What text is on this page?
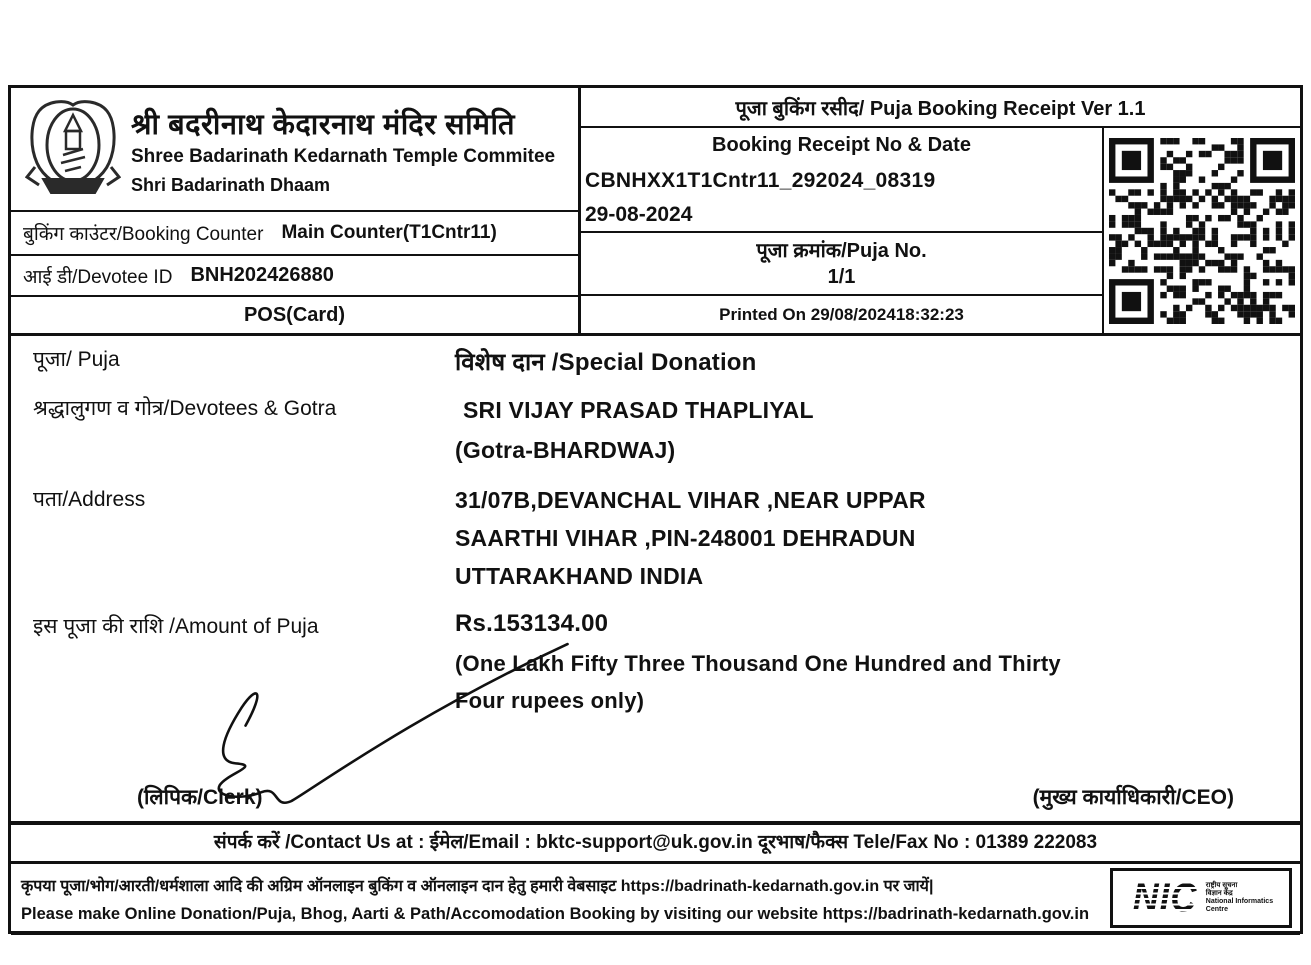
श्री बदरीनाथ केदारनाथ मंदिर समिति
Shree Badarinath Kedarnath Temple Commitee
Shri Badarinath Dhaam
बुकिंग काउंटर/Booking Counter Main Counter(T1Cntr11)
आई डी/Devotee ID BNH202426880
POS(Card)
पूजा बुकिंग रसीद/ Puja Booking Receipt Ver 1.1
Booking Receipt No & Date
CBNHXX1T1Cntr11_292024_08319
29-08-2024
पूजा क्रमांक/Puja No.
1/1
Printed On 29/08/202418:32:23
पूजा/ Puja	विशेष दान /Special Donation
श्रद्धालुगण व गोत्र/Devotees & Gotra	SRI VIJAY PRASAD THAPLIYAL
(Gotra-BHARDWAJ)
पता/Address	31/07B,DEVANCHAL VIHAR ,NEAR UPPAR
SAARTHI VIHAR ,PIN-248001 DEHRADUN
UTTARAKHAND INDIA
इस पूजा की राशि /Amount of Puja	Rs.153134.00
(One Lakh Fifty Three Thousand One Hundred and Thirty
Four rupees only)
(लिपिक/Clerk)	(मुख्य कार्याधिकारी/CEO)
संपर्क करें /Contact Us at : ईमेल/Email : bktc-support@uk.gov.in दूरभाष/फैक्स Tele/Fax No : 01389 222083
कृपया पूजा/भोग/आरती/धर्मशाला आदि की अग्रिम ऑनलाइन बुकिंग व ऑनलाइन दान हेतु हमारी वेबसाइट https://badrinath-kedarnath.gov.in पर जायें|
Please make Online Donation/Puja, Bhog, Aarti & Path/Accomodation Booking by visiting our website https://badrinath-kedarnath.gov.in	NIC राष्ट्रीय सूचना
विज्ञान केंद्र
National Informatics
Centre
